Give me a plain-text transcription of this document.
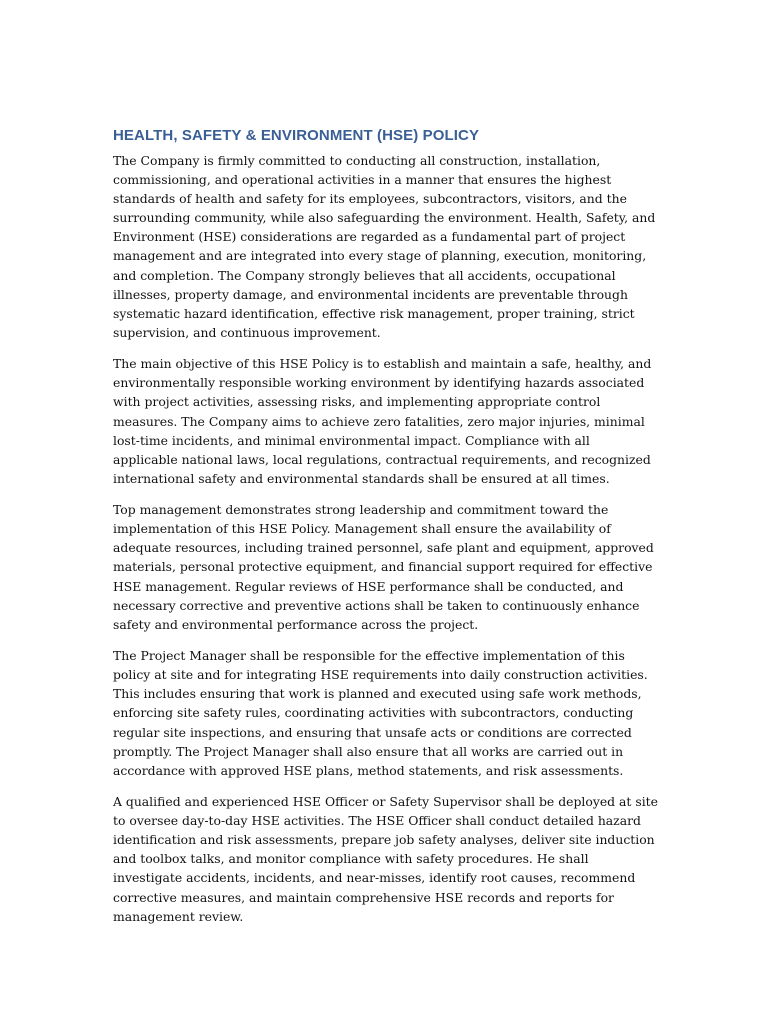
HEALTH, SAFETY & ENVIRONMENT (HSE) POLICY

The Company is firmly committed to conducting all construction, installation, commissioning, and operational activities in a manner that ensures the highest standards of health and safety for its employees, subcontractors, visitors, and the surrounding community, while also safeguarding the environment. Health, Safety, and Environment (HSE) considerations are regarded as a fundamental part of project management and are integrated into every stage of planning, execution, monitoring, and completion. The Company strongly believes that all accidents, occupational illnesses, property damage, and environmental incidents are preventable through systematic hazard identification, effective risk management, proper training, strict supervision, and continuous improvement.

The main objective of this HSE Policy is to establish and maintain a safe, healthy, and environmentally responsible working environment by identifying hazards associated with project activities, assessing risks, and implementing appropriate control measures. The Company aims to achieve zero fatalities, zero major injuries, minimal lost-time incidents, and minimal environmental impact. Compliance with all applicable national laws, local regulations, contractual requirements, and recognized international safety and environmental standards shall be ensured at all times.

Top management demonstrates strong leadership and commitment toward the implementation of this HSE Policy. Management shall ensure the availability of adequate resources, including trained personnel, safe plant and equipment, approved materials, personal protective equipment, and financial support required for effective HSE management. Regular reviews of HSE performance shall be conducted, and necessary corrective and preventive actions shall be taken to continuously enhance safety and environmental performance across the project.

The Project Manager shall be responsible for the effective implementation of this policy at site and for integrating HSE requirements into daily construction activities. This includes ensuring that work is planned and executed using safe work methods, enforcing site safety rules, coordinating activities with subcontractors, conducting regular site inspections, and ensuring that unsafe acts or conditions are corrected promptly. The Project Manager shall also ensure that all works are carried out in accordance with approved HSE plans, method statements, and risk assessments.

A qualified and experienced HSE Officer or Safety Supervisor shall be deployed at site to oversee day-to-day HSE activities. The HSE Officer shall conduct detailed hazard identification and risk assessments, prepare job safety analyses, deliver site induction and toolbox talks, and monitor compliance with safety procedures. He shall investigate accidents, incidents, and near-misses, identify root causes, recommend corrective measures, and maintain comprehensive HSE records and reports for management review.
